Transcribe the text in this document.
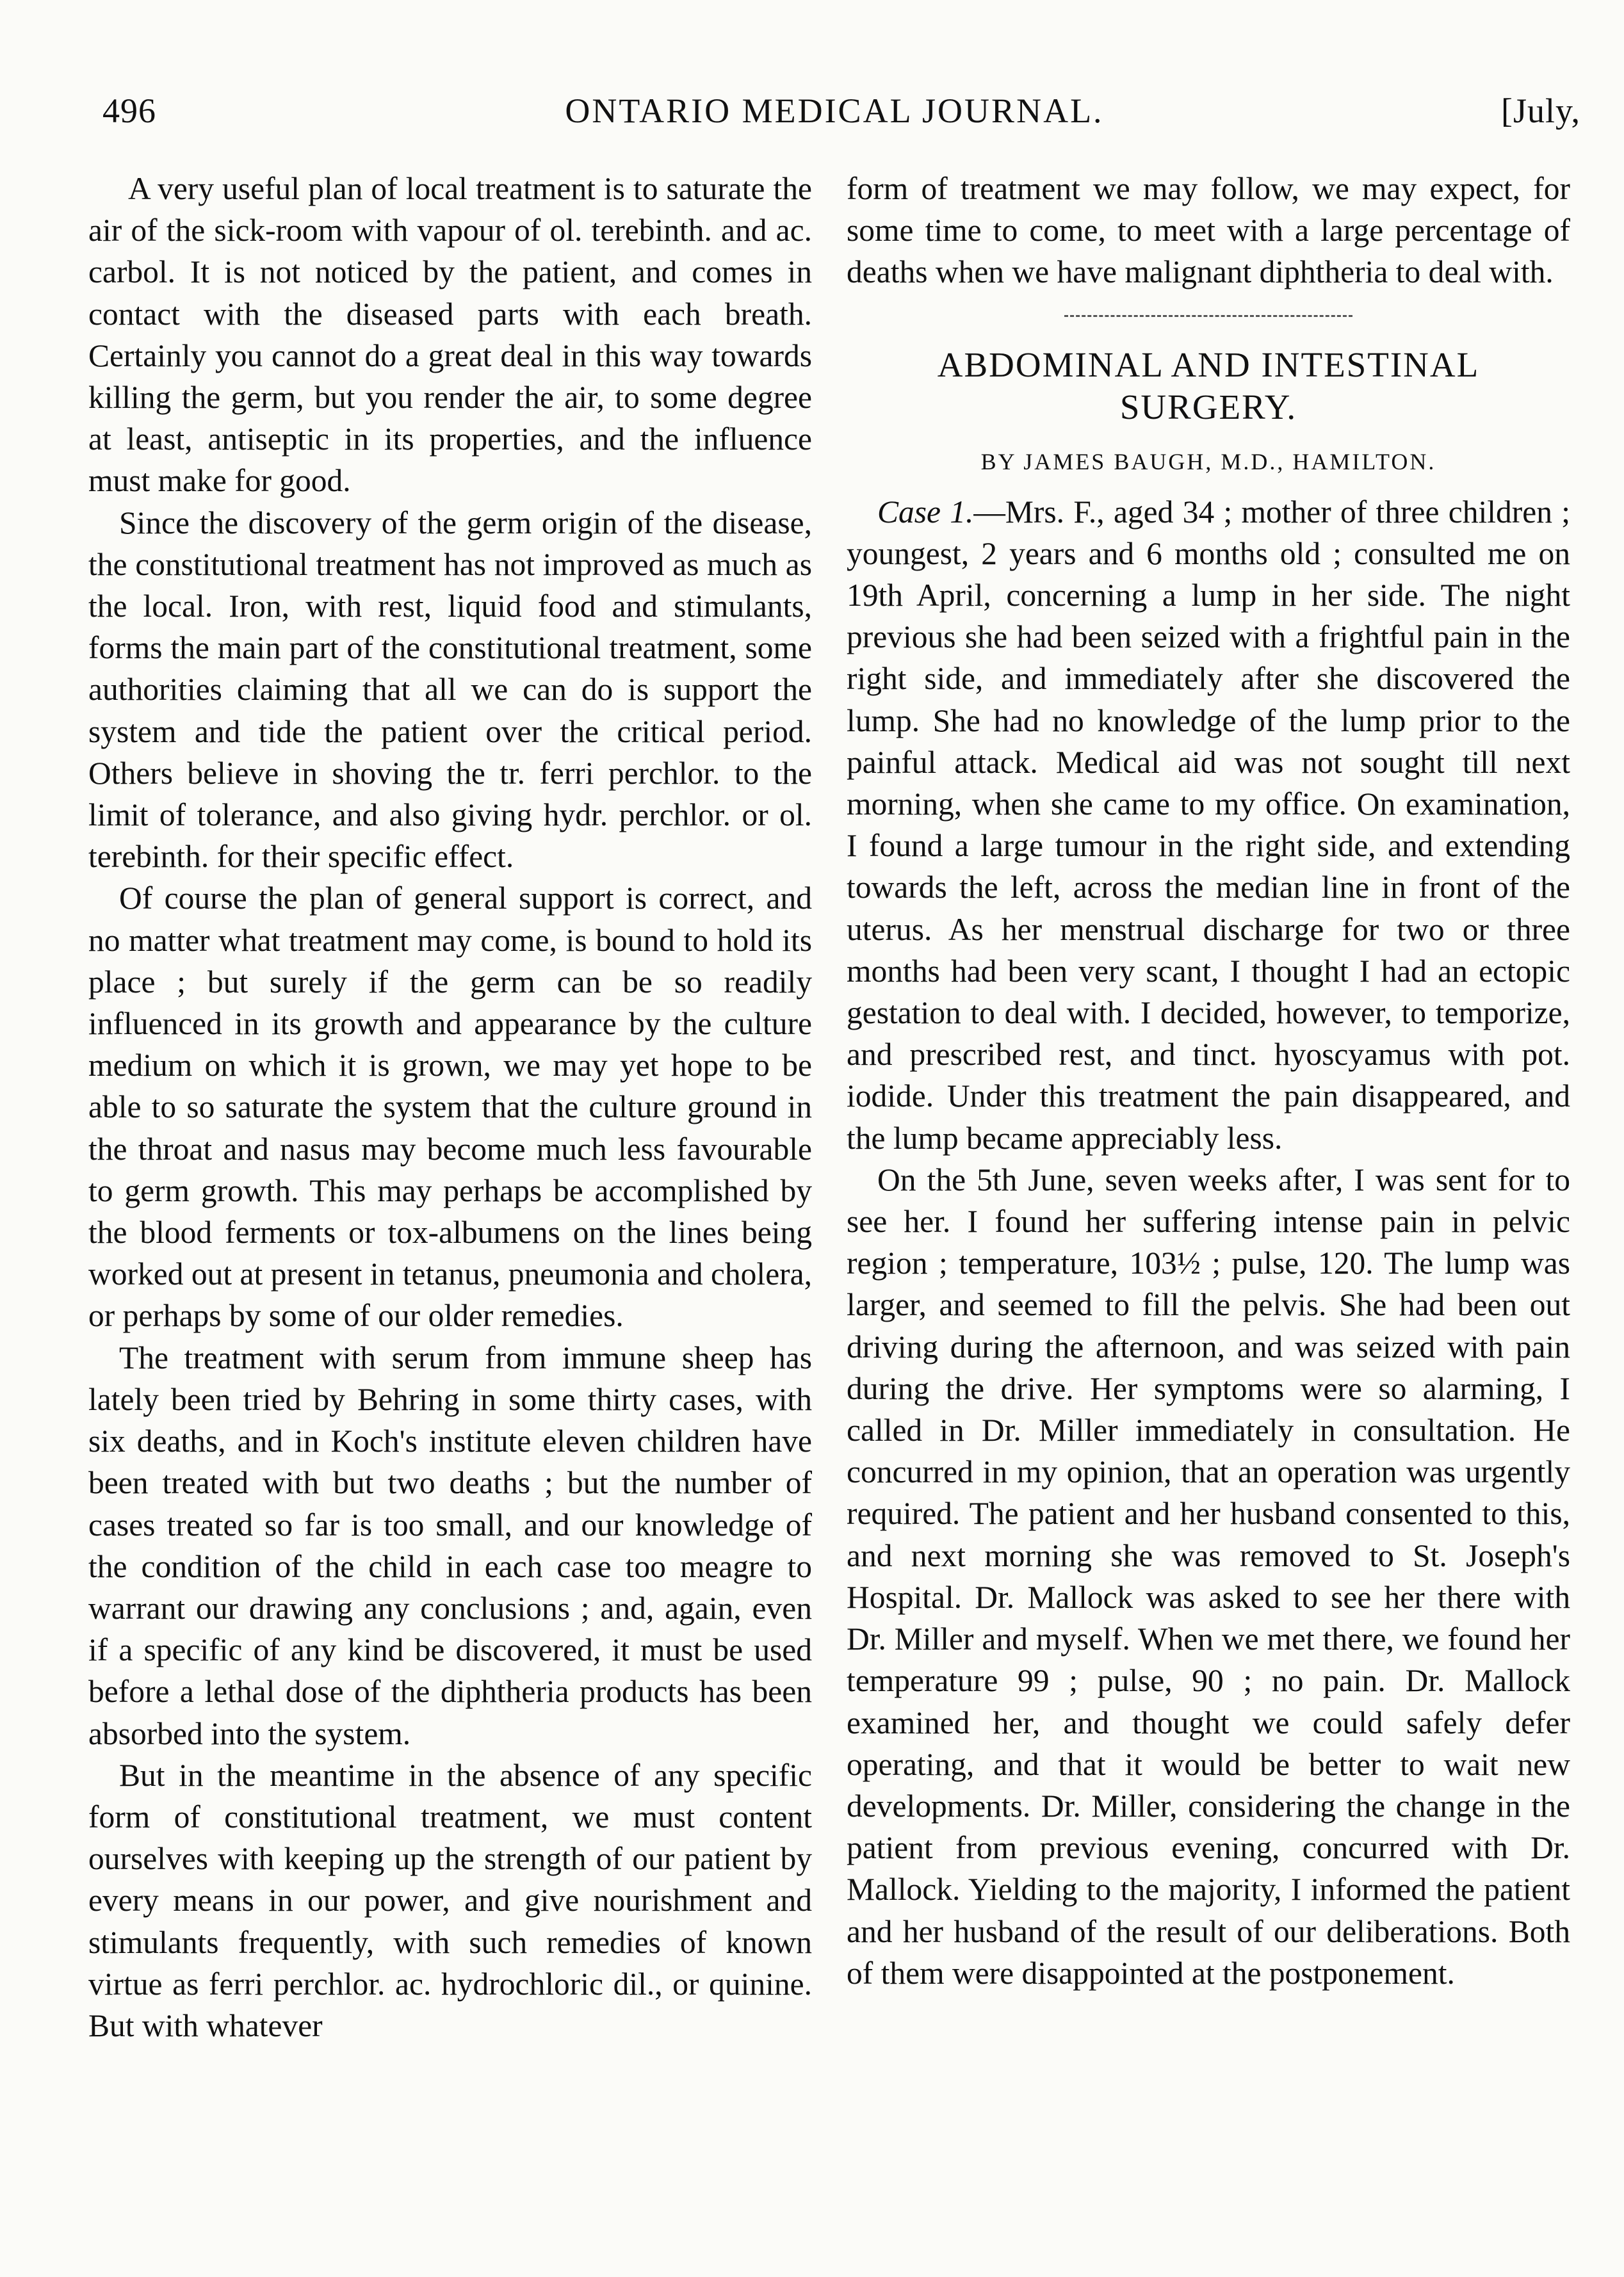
496	ONTARIO MEDICAL JOURNAL.	[July,

A very useful plan of local treatment is to saturate the air of the sick-room with vapour of ol. terebinth. and ac. carbol. It is not noticed by the patient, and comes in contact with the diseased parts with each breath. Certainly you cannot do a great deal in this way towards killing the germ, but you render the air, to some degree at least, antiseptic in its properties, and the influence must make for good.

Since the discovery of the germ origin of the disease, the constitutional treatment has not improved as much as the local. Iron, with rest, liquid food and stimulants, forms the main part of the constitutional treatment, some authorities claiming that all we can do is support the system and tide the patient over the critical period. Others believe in shoving the tr. ferri perchlor. to the limit of tolerance, and also giving hydr. perchlor. or ol. terebinth. for their specific effect.

Of course the plan of general support is correct, and no matter what treatment may come, is bound to hold its place ; but surely if the germ can be so readily influenced in its growth and appearance by the culture medium on which it is grown, we may yet hope to be able to so saturate the system that the culture ground in the throat and nasus may become much less favourable to germ growth. This may perhaps be accomplished by the blood ferments or tox-albumens on the lines being worked out at present in tetanus, pneumonia and cholera, or perhaps by some of our older remedies.

The treatment with serum from immune sheep has lately been tried by Behring in some thirty cases, with six deaths, and in Koch's institute eleven children have been treated with but two deaths ; but the number of cases treated so far is too small, and our knowledge of the condition of the child in each case too meagre to warrant our drawing any conclusions ; and, again, even if a specific of any kind be discovered, it must be used before a lethal dose of the diphtheria products has been absorbed into the system.

But in the meantime in the absence of any specific form of constitutional treatment, we must content ourselves with keeping up the strength of our patient by every means in our power, and give nourishment and stimulants frequently, with such remedies of known virtue as ferri perchlor. ac. hydrochloric dil., or quinine. But with whatever

form of treatment we may follow, we may expect, for some time to come, to meet with a large percentage of deaths when we have malignant diphtheria to deal with.

ABDOMINAL AND INTESTINAL SURGERY.
BY JAMES BAUGH, M.D., HAMILTON.

Case 1.—Mrs. F., aged 34 ; mother of three children ; youngest, 2 years and 6 months old ; consulted me on 19th April, concerning a lump in her side. The night previous she had been seized with a frightful pain in the right side, and immediately after she discovered the lump. She had no knowledge of the lump prior to the painful attack. Medical aid was not sought till next morning, when she came to my office. On examination, I found a large tumour in the right side, and extending towards the left, across the median line in front of the uterus. As her menstrual discharge for two or three months had been very scant, I thought I had an ectopic gestation to deal with. I decided, however, to temporize, and prescribed rest, and tinct. hyoscyamus with pot. iodide. Under this treatment the pain disappeared, and the lump became appreciably less.

On the 5th June, seven weeks after, I was sent for to see her. I found her suffering intense pain in pelvic region ; temperature, 103½ ; pulse, 120. The lump was larger, and seemed to fill the pelvis. She had been out driving during the afternoon, and was seized with pain during the drive. Her symptoms were so alarming, I called in Dr. Miller immediately in consultation. He concurred in my opinion, that an operation was urgently required. The patient and her husband consented to this, and next morning she was removed to St. Joseph's Hospital. Dr. Mallock was asked to see her there with Dr. Miller and myself. When we met there, we found her temperature 99 ; pulse, 90 ; no pain. Dr. Mallock examined her, and thought we could safely defer operating, and that it would be better to wait new developments. Dr. Miller, considering the change in the patient from previous evening, concurred with Dr. Mallock. Yielding to the majority, I informed the patient and her husband of the result of our deliberations. Both of them were disappointed at the postponement.
